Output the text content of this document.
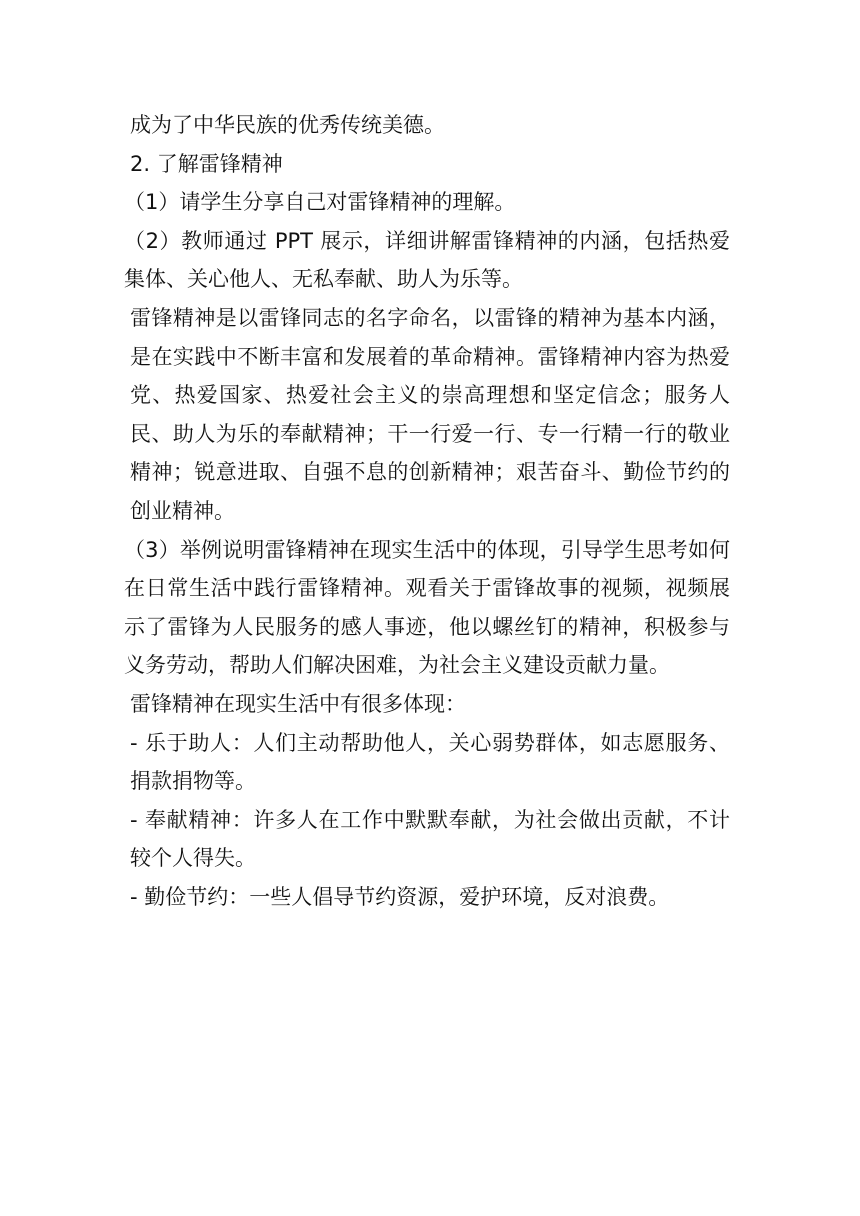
成为了中华民族的优秀传统美德。

2. 了解雷锋精神

（1）请学生分享自己对雷锋精神的理解。

（2）教师通过 PPT 展示，详细讲解雷锋精神的内涵，包括热爱集体、关心他人、无私奉献、助人为乐等。

雷锋精神是以雷锋同志的名字命名，以雷锋的精神为基本内涵，是在实践中不断丰富和发展着的革命精神。雷锋精神内容为热爱党、热爱国家、热爱社会主义的崇高理想和坚定信念；服务人民、助人为乐的奉献精神；干一行爱一行、专一行精一行的敬业精神；锐意进取、自强不息的创新精神；艰苦奋斗、勤俭节约的创业精神。

（3）举例说明雷锋精神在现实生活中的体现，引导学生思考如何在日常生活中践行雷锋精神。观看关于雷锋故事的视频，视频展示了雷锋为人民服务的感人事迹，他以螺丝钉的精神，积极参与义务劳动，帮助人们解决困难，为社会主义建设贡献力量。

雷锋精神在现实生活中有很多体现：

- 乐于助人：人们主动帮助他人，关心弱势群体，如志愿服务、捐款捐物等。

- 奉献精神：许多人在工作中默默奉献，为社会做出贡献，不计较个人得失。

- 勤俭节约：一些人倡导节约资源，爱护环境，反对浪费。
